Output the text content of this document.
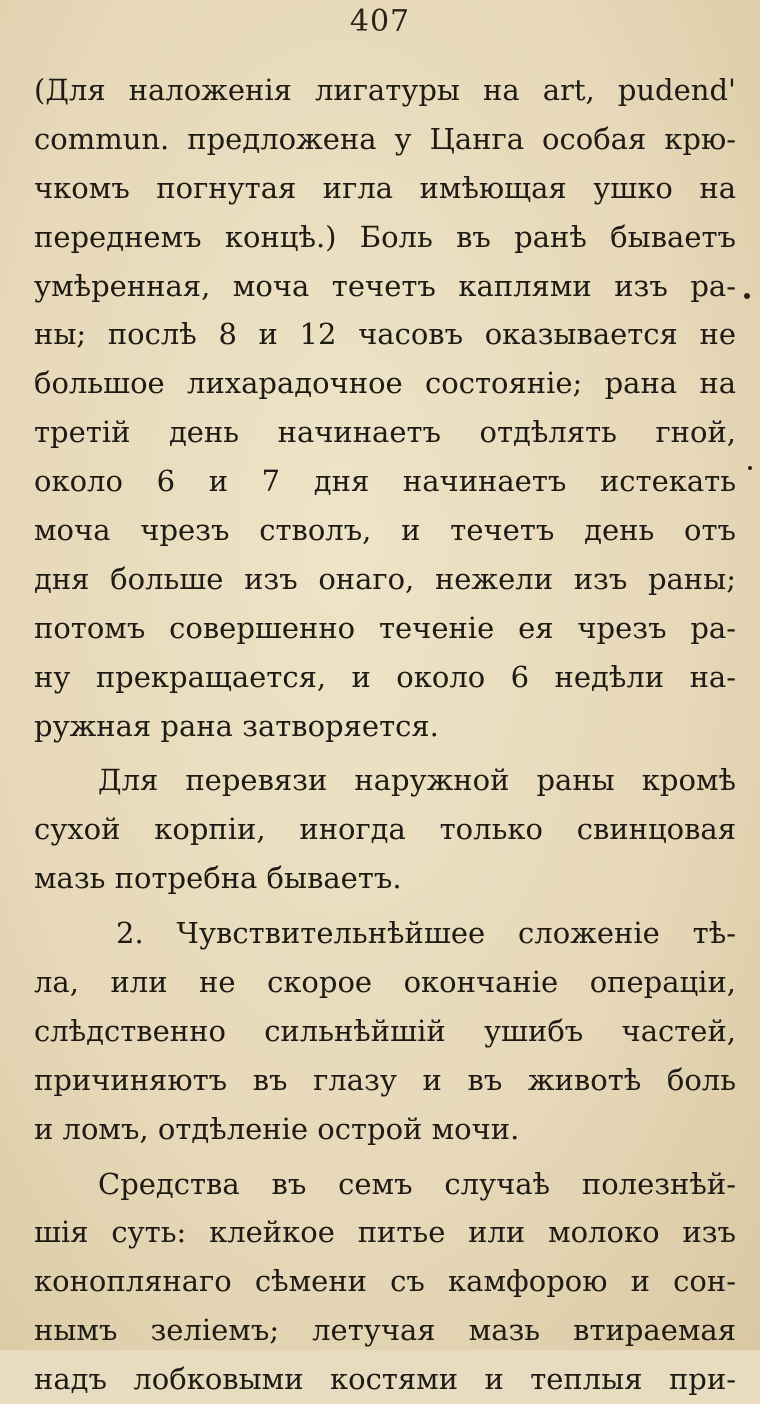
407
(Для наложенія лигатуры на art, pudend'
commun. предложена у Цанга особая крю-
чкомъ погнутая игла имѣющая ушко на
переднемъ концѣ.) Боль въ ранѣ бываетъ
умѣренная, моча течетъ каплями изъ ра-
ны; послѣ 8 и 12 часовъ оказывается не
большое лихарадочное состояніе; рана на
третій день начинаетъ отдѣлять гной,
около 6 и 7 дня начинаетъ истекать
моча чрезъ стволъ, и течетъ день отъ
дня больше изъ онаго, нежели изъ раны;
потомъ совершенно теченіе ея чрезъ ра-
ну прекращается, и около 6 недѣли на-
ружная рана затворяется.
Для перевязи наружной раны кромѣ
сухой корпіи, иногда только свинцовая
мазь потребна бываетъ.
2. Чувствительнѣйшее сложеніе тѣ-
ла, или не скорое окончаніе операціи,
слѣдственно сильнѣйшій ушибъ частей,
причиняютъ въ глазу и въ животѣ боль
и ломъ, отдѣленіе острой мочи.
Средства въ семъ случаѣ полезнѣй-
шія суть: клейкое питье или молоко изъ
коноплянаго сѣмени съ камфорою и сон-
нымъ зеліемъ; летучая мазь втираемая
надъ лобковыми костями и теплыя при-
